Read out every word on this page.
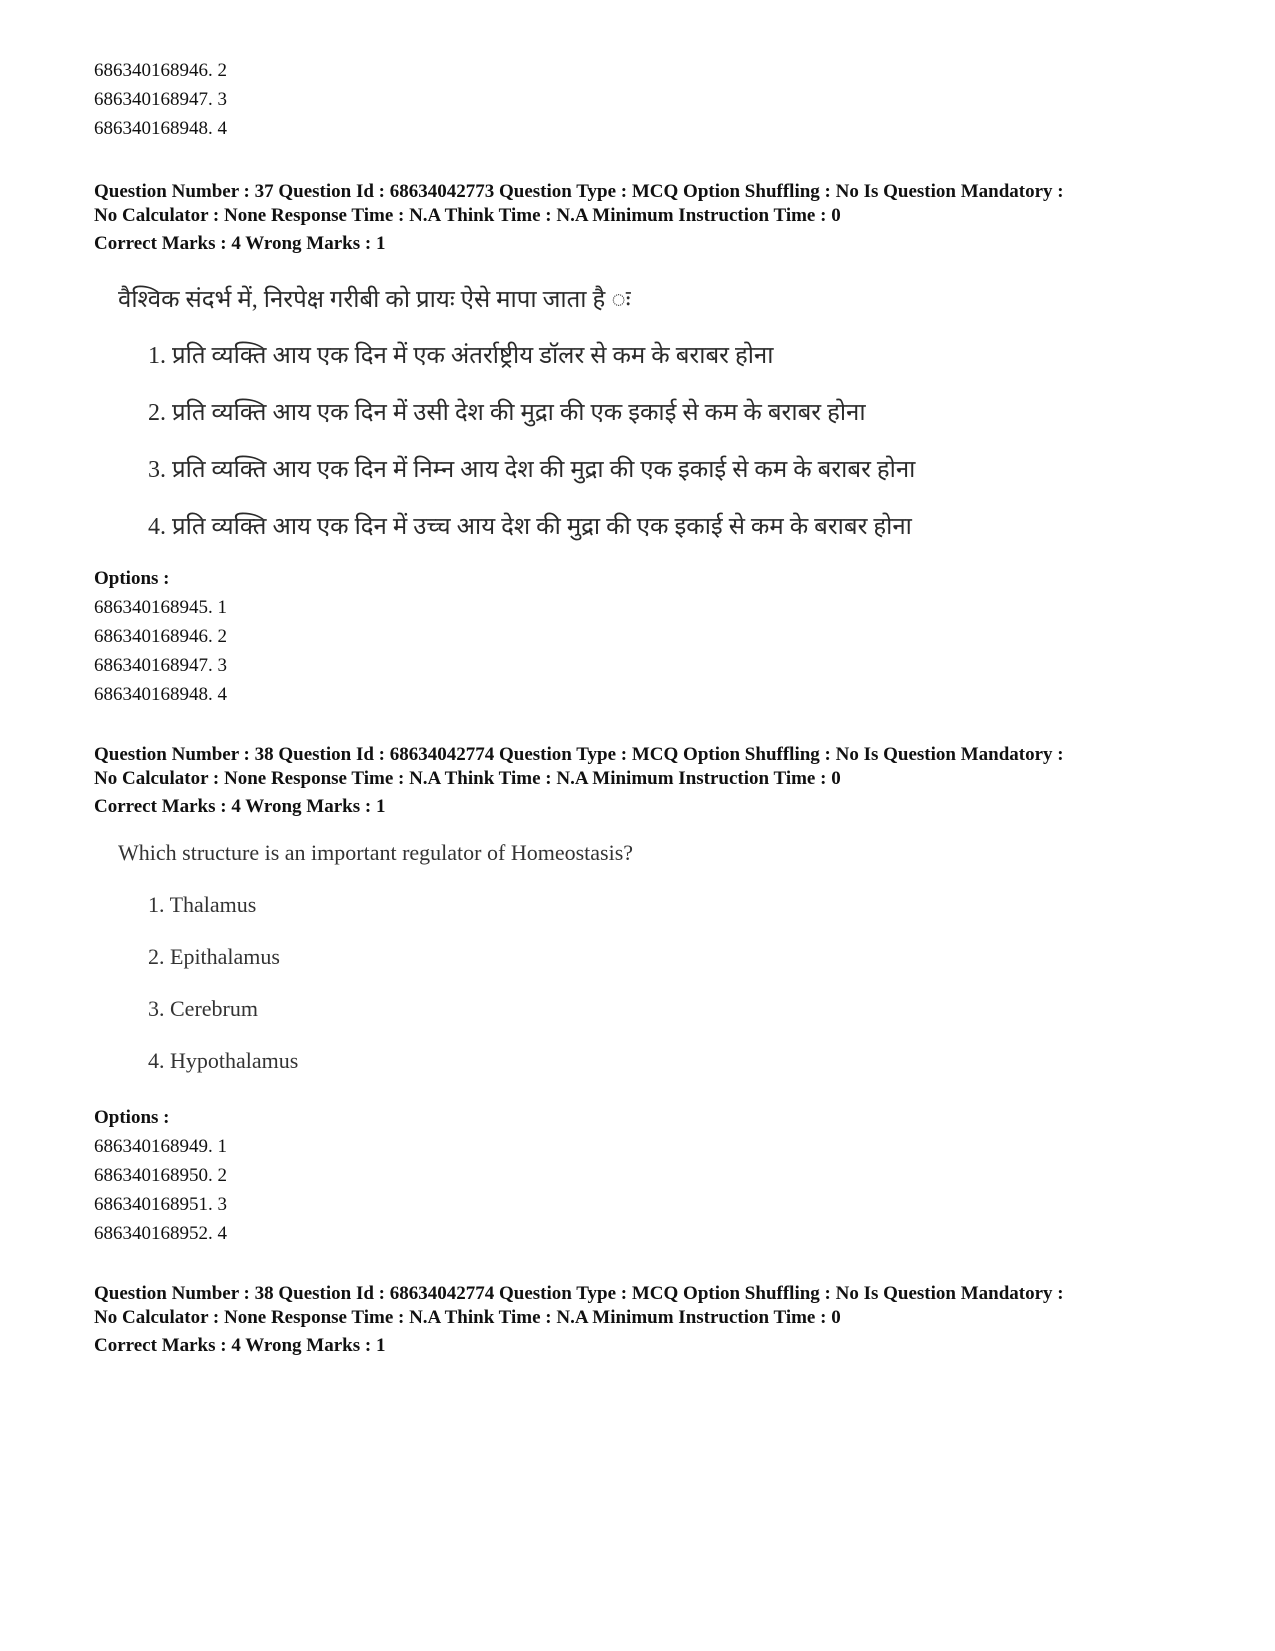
686340168946. 2
686340168947. 3
686340168948. 4
Question Number : 37 Question Id : 68634042773 Question Type : MCQ Option Shuffling : No Is Question Mandatory :
No Calculator : None Response Time : N.A Think Time : N.A Minimum Instruction Time : 0
Correct Marks : 4 Wrong Marks : 1
वैश्विक संदर्भ में, निरपेक्ष गरीबी को प्रायः ऐसे मापा जाता है ः
1. प्रति व्यक्ति आय एक दिन में एक अंतर्राष्ट्रीय डॉलर से कम के बराबर होना
2. प्रति व्यक्ति आय एक दिन में उसी देश की मुद्रा की एक इकाई से कम के बराबर होना
3. प्रति व्यक्ति आय एक दिन में निम्न आय देश की मुद्रा की एक इकाई से कम के बराबर होना
4. प्रति व्यक्ति आय एक दिन में उच्च आय देश की मुद्रा की एक इकाई से कम के बराबर होना
Options :
686340168945. 1
686340168946. 2
686340168947. 3
686340168948. 4
Question Number : 38 Question Id : 68634042774 Question Type : MCQ Option Shuffling : No Is Question Mandatory :
No Calculator : None Response Time : N.A Think Time : N.A Minimum Instruction Time : 0
Correct Marks : 4 Wrong Marks : 1
Which structure is an important regulator of Homeostasis?
1. Thalamus
2. Epithalamus
3. Cerebrum
4. Hypothalamus
Options :
686340168949. 1
686340168950. 2
686340168951. 3
686340168952. 4
Question Number : 38 Question Id : 68634042774 Question Type : MCQ Option Shuffling : No Is Question Mandatory :
No Calculator : None Response Time : N.A Think Time : N.A Minimum Instruction Time : 0
Correct Marks : 4 Wrong Marks : 1
